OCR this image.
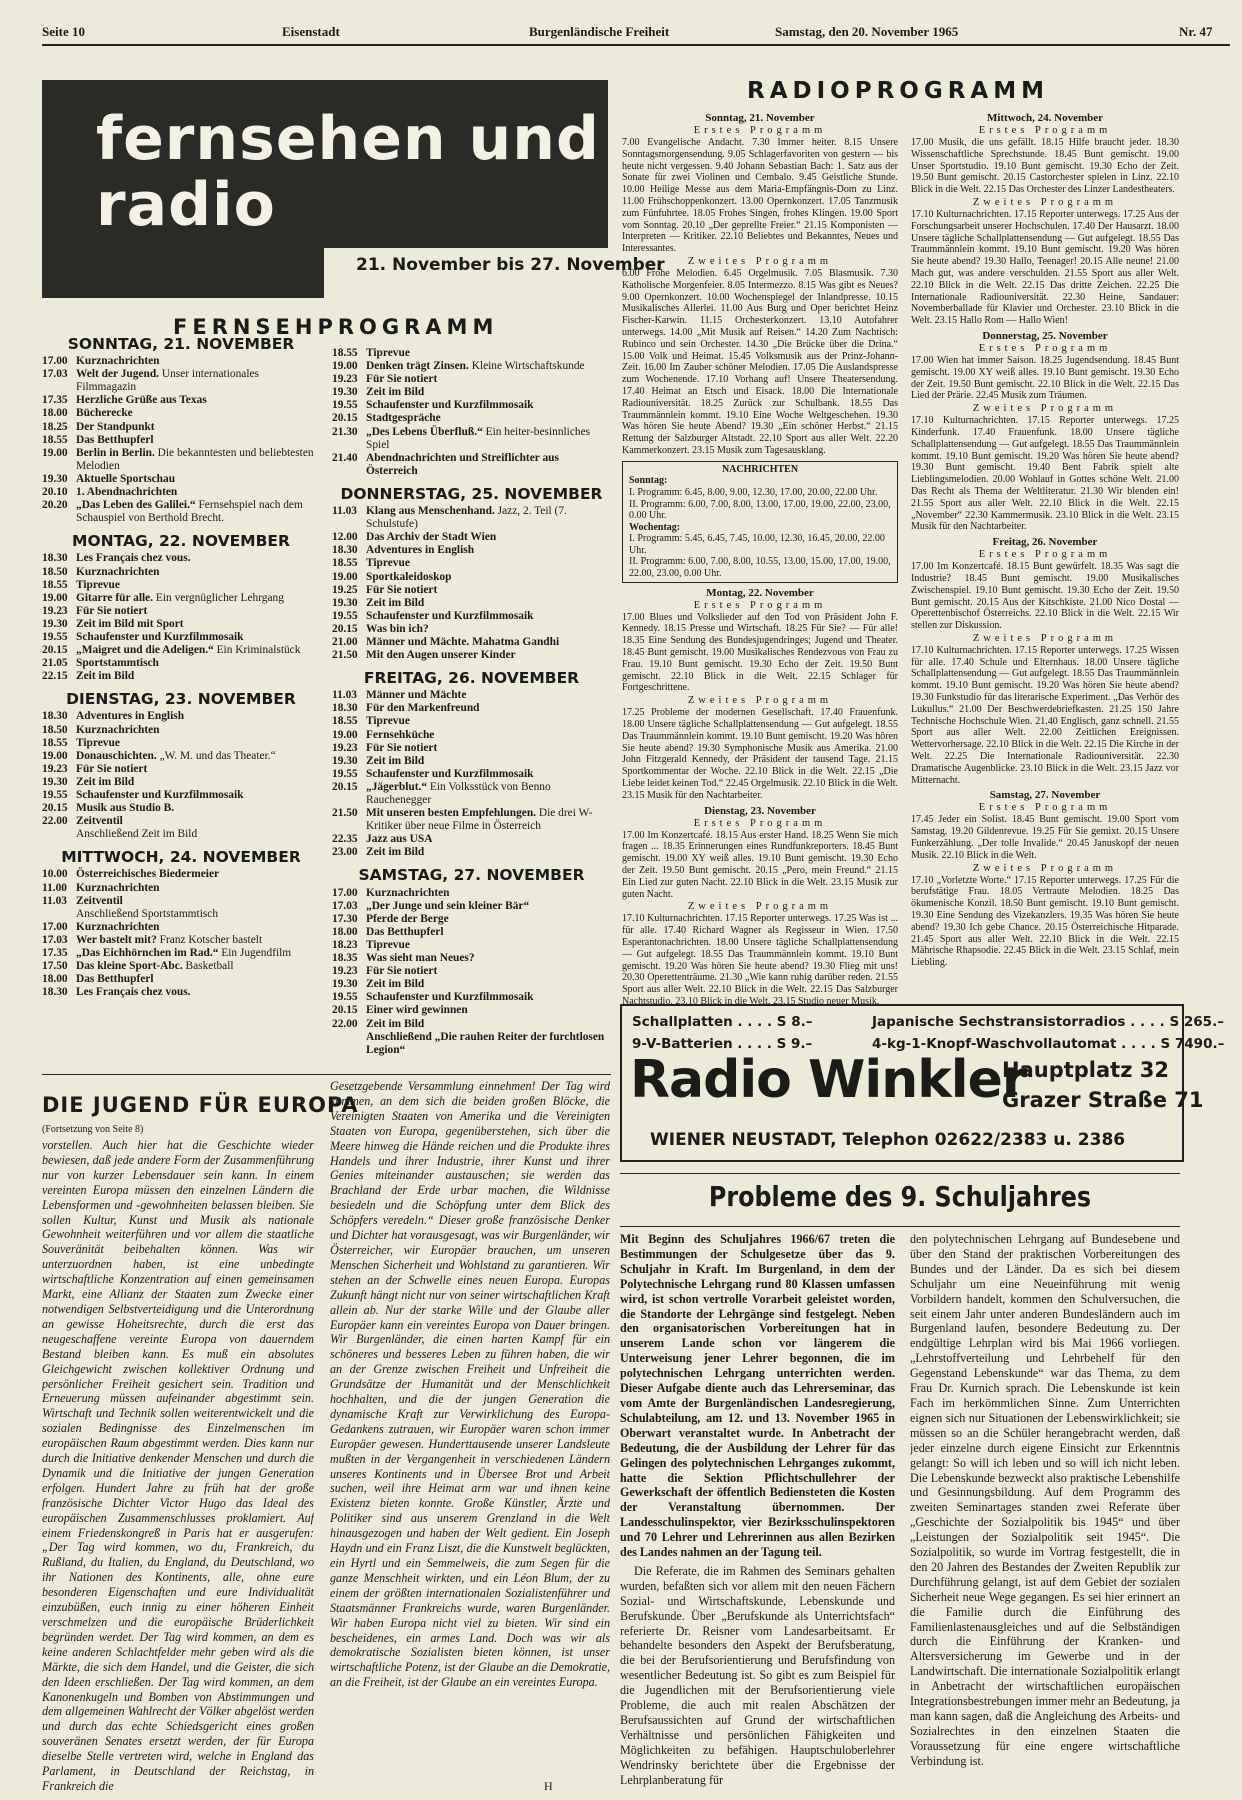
Seite 10	Eisenstadt	Burgenländische Freiheit	Samstag, den 20. November 1965	Nr. 47
fernsehen und
radio
21. November bis 27. November
FERNSEHPROGRAMM
SONNTAG, 21. NOVEMBER
17.00 Kurznachrichten
17.03 Welt der Jugend. Unser internationales Filmmagazin
17.35 Herzliche Grüße aus Texas
18.00 Bücherecke
18.25 Der Standpunkt
18.55 Das Betthupferl
19.00 Berlin in Berlin. Die bekanntesten und beliebtesten Melodien
19.30 Aktuelle Sportschau
20.10 1. Abendnachrichten
20.20 „Das Leben des Galilei.“ Fernsehspiel nach dem Schauspiel von Berthold Brecht.
MONTAG, 22. NOVEMBER
18.30 Les Français chez vous.
18.50 Kurznachrichten
18.55 Tiprevue
19.00 Gitarre für alle. Ein vergnüglicher Lehrgang
19.23 Für Sie notiert
19.30 Zeit im Bild mit Sport
19.55 Schaufenster und Kurzfilmmosaik
20.15 „Maigret und die Adeligen.“ Ein Kriminalstück
21.05 Sportstammtisch
22.15 Zeit im Bild
DIENSTAG, 23. NOVEMBER
18.30 Adventures in English
18.50 Kurznachrichten
18.55 Tiprevue
19.00 Donauschichten. „W. M. und das Theater.“
19.23 Für Sie notiert
19.30 Zeit im Bild
19.55 Schaufenster und Kurzfilmmosaik
20.15 Musik aus Studio B.
22.00 Zeitventil
Anschließend Zeit im Bild
MITTWOCH, 24. NOVEMBER
10.00 Österreichisches Biedermeier
11.00 Kurznachrichten
11.03 Zeitventil
Anschließend Sportstammtisch
17.00 Kurznachrichten
17.03 Wer bastelt mit? Franz Kotscher bastelt
17.35 „Das Eichhörnchen im Rad.“ Ein Jugendfilm
17.50 Das kleine Sport-Abc. Basketball
18.00 Das Betthupferl
18.30 Les Français chez vous.
18.55 Tiprevue
19.00 Denken trägt Zinsen. Kleine Wirtschaftskunde
19.23 Für Sie notiert
19.30 Zeit im Bild
19.55 Schaufenster und Kurzfilmmosaik
20.15 Stadtgespräche
21.30 „Des Lebens Überfluß.“ Ein heiter-besinnliches Spiel
21.40 Abendnachrichten und Streiflichter aus Österreich
DONNERSTAG, 25. NOVEMBER
11.03 Klang aus Menschenhand. Jazz, 2. Teil (7. Schulstufe)
12.00 Das Archiv der Stadt Wien
18.30 Adventures in English
18.55 Tiprevue
19.00 Sportkaleidoskop
19.25 Für Sie notiert
19.30 Zeit im Bild
19.55 Schaufenster und Kurzfilmmosaik
20.15 Was bin ich?
21.00 Männer und Mächte. Mahatma Gandhi
21.50 Mit den Augen unserer Kinder
FREITAG, 26. NOVEMBER
11.03 Männer und Mächte
18.30 Für den Markenfreund
18.55 Tiprevue
19.00 Fernsehküche
19.23 Für Sie notiert
19.30 Zeit im Bild
19.55 Schaufenster und Kurzfilmmosaik
20.15 „Jägerblut.“ Ein Volksstück von Benno Rauchenegger
21.50 Mit unseren besten Empfehlungen. Die drei W-Kritiker über neue Filme in Österreich
22.35 Jazz aus USA
23.00 Zeit im Bild
SAMSTAG, 27. NOVEMBER
17.00 Kurznachrichten
17.03 „Der Junge und sein kleiner Bär“
17.30 Pferde der Berge
18.00 Das Betthupferl
18.23 Tiprevue
18.35 Was sieht man Neues?
19.23 Für Sie notiert
19.30 Zeit im Bild
19.55 Schaufenster und Kurzfilmmosaik
20.15 Einer wird gewinnen
22.00 Zeit im Bild
Anschließend „Die rauhen Reiter der furchtlosen Legion“
RADIOPROGRAMM
Sonntag, 21. November
Erstes Programm
7.00 Evangelische Andacht. 7.30 Immer heiter. 8.15 Unsere Sonntagsmorgensendung. 9.05 Schlagerfavoriten von gestern — bis heute nicht vergessen. 9.40 Johann Sebastian Bach: 1. Satz aus der Sonate für zwei Violinen und Cembalo. 9.45 Geistliche Stunde. 10.00 Heilige Messe aus dem Maria-Empfängnis-Dom zu Linz. 11.00 Frühschoppenkonzert. 13.00 Opernkonzert. 17.05 Tanzmusik zum Fünfuhrtee. 18.05 Frohes Singen, frohes Klingen. 19.00 Sport vom Sonntag. 20.10 „Der geprellte Freier.“ 21.15 Komponisten — Interpreten — Kritiker. 22.10 Beliebtes und Bekanntes, Neues und Interessantes.
Zweites Programm
6.00 Frohe Melodien. 6.45 Orgelmusik. 7.05 Blasmusik. 7.30 Katholische Morgenfeier. 8.05 Intermezzo. 8.15 Was gibt es Neues? 9.00 Opernkonzert. 10.00 Wochenspiegel der Inlandpresse. 10.15 Musikalisches Allerlei. 11.00 Aus Burg und Oper berichtet Heinz Fischer-Karwin. 11.15 Orchesterkonzert. 13.10 Autofahrer unterwegs. 14.00 „Mit Musik auf Reisen.“ 14.20 Zum Nachtisch: Rubinco und sein Orchester. 14.30 „Die Brücke über die Drina.“ 15.00 Volk und Heimat. 15.45 Volksmusik aus der Prinz-Johann-Zeit. 16.00 Im Zauber schöner Melodien. 17.05 Die Auslandspresse zum Wochenende. 17.10 Vorhang auf! Unsere Theatersendung. 17.40 Heimat an Etsch und Eisack. 18.00 Die Internationale Radiouniversität. 18.25 Zurück zur Schulbank. 18.55 Das Traummännlein kommt. 19.10 Eine Woche Weltgeschehen. 19.30 Was hören Sie heute Abend? 19.30 „Ein schöner Herbst.“ 21.15 Rettung der Salzburger Altstadt. 22.10 Sport aus aller Welt. 22.20 Kammerkonzert. 23.15 Musik zum Tagesausklang.
NACHRICHTEN
Sonntag:
I. Programm: 6.45, 8.00, 9.00, 12.30, 17.00, 20.00, 22.00 Uhr.
II. Programm: 6.00, 7.00, 8.00, 13.00, 17.00, 19.00, 22.00, 23.00, 0.00 Uhr.
Wochentag:
I. Programm: 5.45, 6.45, 7.45, 10.00, 12.30, 16.45, 20.00, 22.00 Uhr.
II. Programm: 6.00, 7.00, 8.00, 10.55, 13.00, 15.00, 17.00, 19.00, 22.00, 23.00, 0.00 Uhr.
Montag, 22. November
Erstes Programm
17.00 Blues und Volkslieder auf den Tod von Präsident John F. Kennedy. 18.15 Presse und Wirtschaft. 18.25 Für Sie? — Für alle! 18.35 Eine Sendung des Bundesjugendringes; Jugend und Theater. 18.45 Bunt gemischt. 19.00 Musikalisches Rendezvous von Frau zu Frau. 19.10 Bunt gemischt. 19.30 Echo der Zeit. 19.50 Bunt gemischt. 22.10 Blick in die Welt. 22.15 Schlager für Fortgeschrittene.
Zweites Programm
17.25 Probleme der modernen Gesellschaft. 17.40 Frauenfunk. 18.00 Unsere tägliche Schallplattensendung — Gut aufgelegt. 18.55 Das Traummännlein kommt. 19.10 Bunt gemischt. 19.20 Was hören Sie heute abend? 19.30 Symphonische Musik aus Amerika. 21.00 John Fitzgerald Kennedy, der Präsident der tausend Tage. 21.15 Sportkommentar der Woche. 22.10 Blick in die Welt. 22.15 „Die Liebe leidet keinen Tod.“ 22.45 Orgelmusik. 22.10 Blick in die Welt. 23.15 Musik für den Nachtarbeiter.
Dienstag, 23. November
Erstes Programm
17.00 Im Konzertcafé. 18.15 Aus erster Hand. 18.25 Wenn Sie mich fragen ... 18.35 Erinnerungen eines Rundfunkreporters. 18.45 Bunt gemischt. 19.00 XY weiß alles. 19.10 Bunt gemischt. 19.30 Echo der Zeit. 19.50 Bunt gemischt. 20.15 „Pero, mein Freund.“ 21.15 Ein Lied zur guten Nacht. 22.10 Blick in die Welt. 23.15 Musik zur guten Nacht.
Zweites Programm
17.10 Kulturnachrichten. 17.15 Reporter unterwegs. 17.25 Was ist ... für alle. 17.40 Richard Wagner als Regisseur in Wien. 17.50 Esperantonachrichten. 18.00 Unsere tägliche Schallplattensendung — Gut aufgelegt. 18.55 Das Traummännlein kommt. 19.10 Bunt gemischt. 19.20 Was hören Sie heute abend? 19.30 Flieg mit uns! 20.30 Operettenträume. 21.30 „Wie kann ruhig darüber reden. 21.55 Sport aus aller Welt. 22.10 Blick in die Welt. 22.15 Das Salzburger Nachtstudio. 23.10 Blick in die Welt. 23.15 Studio neuer Musik.
Mittwoch, 24. November
Erstes Programm
17.00 Musik, die uns gefällt. 18.15 Hilfe braucht jeder. 18.30 Wissenschaftliche Sprechstunde. 18.45 Bunt gemischt. 19.00 Unser Sportstudio. 19.10 Bunt gemischt. 19.30 Echo der Zeit. 19.50 Bunt gemischt. 20.15 Castorchester spielen in Linz. 22.10 Blick in die Welt. 22.15 Das Orchester des Linzer Landestheaters.
Zweites Programm
17.10 Kulturnachrichten. 17.15 Reporter unterwegs. 17.25 Aus der Forschungsarbeit unserer Hochschulen. 17.40 Der Hausarzt. 18.00 Unsere tägliche Schallplattensendung — Gut aufgelegt. 18.55 Das Traummännlein kommt. 19.10 Bunt gemischt. 19.20 Was hören Sie heute abend? 19.30 Hallo, Teenager! 20.15 Alle neune! 21.00 Mach gut, was andere verschulden. 21.55 Sport aus aller Welt. 22.10 Blick in die Welt. 22.15 Das dritte Zeichen. 22.25 Die Internationale Radiouniversität. 22.30 Heine, Sandauer: Novemberballade für Klavier und Orchester. 23.10 Blick in die Welt. 23.15 Hallo Rom — Hallo Wien!
Donnerstag, 25. November
Erstes Programm
17.00 Wien hat immer Saison. 18.25 Jugendsendung. 18.45 Bunt gemischt. 19.00 XY weiß alles. 19.10 Bunt gemischt. 19.30 Echo der Zeit. 19.50 Bunt gemischt. 22.10 Blick in die Welt. 22.15 Das Lied der Prärie. 22.45 Musik zum Träumen.
Zweites Programm
17.10 Kulturnachrichten. 17.15 Reporter unterwegs. 17.25 Kinderfunk. 17.40 Frauenfunk. 18.00 Unsere tägliche Schallplattensendung — Gut aufgelegt. 18.55 Das Traummännlein kommt. 19.10 Bunt gemischt. 19.20 Was hören Sie heute abend? 19.30 Bunt gemischt. 19.40 Bent Fabrik spielt alte Lieblingsmelodien. 20.00 Wohlauf in Gottes schöne Welt. 21.00 Das Recht als Thema der Weltliteratur. 21.30 Wir blenden ein! 21.55 Sport aus aller Welt. 22.10 Blick in die Welt. 22.15 „November“ 22.30 Kammermusik. 23.10 Blick in die Welt. 23.15 Musik für den Nachtarbeiter.
Freitag, 26. November
Erstes Programm
17.00 Im Konzertcafé. 18.15 Bunt gewürfelt. 18.35 Was sagt die Industrie? 18.45 Bunt gemischt. 19.00 Musikalisches Zwischenspiel. 19.10 Bunt gemischt. 19.30 Echo der Zeit. 19.50 Bunt gemischt. 20.15 Aus der Kitschkiste. 21.00 Nico Dostal — Operettenbischof Österreichs. 22.10 Blick in die Welt. 22.15 Wir stellen zur Diskussion.
Zweites Programm
17.10 Kulturnachrichten. 17.15 Reporter unterwegs. 17.25 Wissen für alle. 17.40 Schule und Elternhaus. 18.00 Unsere tägliche Schallplattensendung — Gut aufgelegt. 18.55 Das Traummännlein kommt. 19.10 Bunt gemischt. 19.20 Was hören Sie heute abend? 19.30 Funkstudio für das literarische Experiment. „Das Verhör des Lukullus.“ 21.00 Der Beschwerdebriefkasten. 21.25 150 Jahre Technische Hochschule Wien. 21.40 Englisch, ganz schnell. 21.55 Sport aus aller Welt. 22.00 Zeitlichen Ereignissen. Wettervorhersage. 22.10 Blick in die Welt. 22.15 Die Kirche in der Welt. 22.25 Die Internationale Radiouniversität. 22.30 Dramatische Augenblicke. 23.10 Blick in die Welt. 23.15 Jazz vor Mitternacht.
Samstag, 27. November
Erstes Programm
17.45 Jeder ein Solist. 18.45 Bunt gemischt. 19.00 Sport vom Samstag. 19.20 Gildenrevue. 19.25 Für Sie gemixt. 20.15 Unsere Funkerzählung. „Der tolle Invalide.“ 20.45 Januskopf der neuen Musik. 22.10 Blick in die Welt.
Zweites Programm
17.10 „Vorletzte Worte.“ 17.15 Reporter unterwegs. 17.25 Für die berufstätige Frau. 18.05 Vertraute Melodien. 18.25 Das ökumenische Konzil. 18.50 Bunt gemischt. 19.10 Bunt gemischt. 19.30 Eine Sendung des Vizekanzlers. 19.35 Was hören Sie heute abend? 19.30 Ich gebe Chance. 20.15 Österreichische Hitparade. 21.45 Sport aus aller Welt. 22.10 Blick in die Welt. 22.15 Mährische Rhapsodie. 22.45 Blick in die Welt. 23.15 Schlaf, mein Liebling.
Schallplatten . . . . S 8.–	Japanische Sechstransistorradios . . . . S 265.–
9-V-Batterien . . . . S 9.–	4-kg-1-Knopf-Waschvollautomat . . . . S 7490.–
Radio Winkler
Hauptplatz 32
Grazer Straße 71
WIENER NEUSTADT, Telephon 02622/2383 u. 2386
DIE JUGEND FÜR EUROPA
(Fortsetzung von Seite 8)
vorstellen. Auch hier hat die Geschichte wieder bewiesen, daß jede andere Form der Zusammenführung nur von kurzer Lebensdauer sein kann. In einem vereinten Europa müssen den einzelnen Ländern die Lebensformen und -gewohnheiten belassen bleiben. Sie sollen Kultur, Kunst und Musik als nationale Gewohnheit weiterführen und vor allem die staatliche Souveränität beibehalten können. Was wir unterzuordnen haben, ist eine unbedingte wirtschaftliche Konzentration auf einen gemeinsamen Markt, eine Allianz der Staaten zum Zwecke einer notwendigen Selbstverteidigung und die Unterordnung an gewisse Hoheitsrechte, durch die erst das neugeschaffene vereinte Europa von dauerndem Bestand bleiben kann. Es muß ein absolutes Gleichgewicht zwischen kollektiver Ordnung und persönlicher Freiheit gesichert sein. Tradition und Erneuerung müssen aufeinander abgestimmt sein. Wirtschaft und Technik sollen weiterentwickelt und die sozialen Bedingnisse des Einzelmenschen im europäischen Raum abgestimmt werden. Dies kann nur durch die Initiative denkender Menschen und durch die Dynamik und die Initiative der jungen Generation erfolgen. Hundert Jahre zu früh hat der große französische Dichter Victor Hugo das Ideal des europäischen Zusammenschlusses proklamiert. Auf einem Friedenskongreß in Paris hat er ausgerufen: „Der Tag wird kommen, wo du, Frankreich, du Rußland, du Italien, du England, du Deutschland, wo ihr Nationen des Kontinents, alle, ohne eure besonderen Eigenschaften und eure Individualität einzubüßen, euch innig zu einer höheren Einheit verschmelzen und die europäische Brüderlichkeit begründen werdet. Der Tag wird kommen, an dem es keine anderen Schlachtfelder mehr geben wird als die Märkte, die sich dem Handel, und die Geister, die sich den Ideen erschließen. Der Tag wird kommen, an dem Kanonenkugeln und Bomben von Abstimmungen und dem allgemeinen Wahlrecht der Völker abgelöst werden und durch das echte Schiedsgericht eines großen souveränen Senates ersetzt werden, der für Europa dieselbe Stelle vertreten wird, welche in England das Parlament, in Deutschland der Reichstag, in Frankreich die
Gesetzgebende Versammlung einnehmen! Der Tag wird kommen, an dem sich die beiden großen Blöcke, die Vereinigten Staaten von Amerika und die Vereinigten Staaten von Europa, gegenüberstehen, sich über die Meere hinweg die Hände reichen und die Produkte ihres Handels und ihrer Industrie, ihrer Kunst und ihrer Genies miteinander austauschen; sie werden das Brachland der Erde urbar machen, die Wildnisse besiedeln und die Schöpfung unter dem Blick des Schöpfers veredeln.“ Dieser große französische Denker und Dichter hat vorausgesagt, was wir Burgenländer, wir Österreicher, wir Europäer brauchen, um unseren Menschen Sicherheit und Wohlstand zu garantieren. Wir stehen an der Schwelle eines neuen Europa. Europas Zukunft hängt nicht nur von seiner wirtschaftlichen Kraft allein ab. Nur der starke Wille und der Glaube aller Europäer kann ein vereintes Europa von Dauer bringen. Wir Burgenländer, die einen harten Kampf für ein schöneres und besseres Leben zu führen haben, die wir an der Grenze zwischen Freiheit und Unfreiheit die Grundsätze der Humanität und der Menschlichkeit hochhalten, und die der jungen Generation die dynamische Kraft zur Verwirklichung des Europa-Gedankens zutrauen, wir Europäer waren schon immer Europäer gewesen. Hunderttausende unserer Landsleute mußten in der Vergangenheit in verschiedenen Ländern unseres Kontinents und in Übersee Brot und Arbeit suchen, weil ihre Heimat arm war und ihnen keine Existenz bieten konnte. Große Künstler, Ärzte und Politiker sind aus unserem Grenzland in die Welt hinausgezogen und haben der Welt gedient. Ein Joseph Haydn und ein Franz Liszt, die die Kunstwelt beglückten, ein Hyrtl und ein Semmelweis, die zum Segen für die ganze Menschheit wirkten, und ein Léon Blum, der zu einem der größten internationalen Sozialistenführer und Staatsmänner Frankreichs wurde, waren Burgenländer. Wir haben Europa nicht viel zu bieten. Wir sind ein bescheidenes, ein armes Land. Doch was wir als demokratische Sozialisten bieten können, ist unser wirtschaftliche Potenz, ist der Glaube an die Demokratie, an die Freiheit, ist der Glaube an ein vereintes Europa.
H
Probleme des 9. Schuljahres
Mit Beginn des Schuljahres 1966/67 treten die Bestimmungen der Schulgesetze über das 9. Schuljahr in Kraft. Im Burgenland, in dem der Polytechnische Lehrgang rund 80 Klassen umfassen wird, ist schon vertrolle Vorarbeit geleistet worden, die Standorte der Lehrgänge sind festgelegt. Neben den organisatorischen Vorbereitungen hat in unserem Lande schon vor längerem die Unterweisung jener Lehrer begonnen, die im polytechnischen Lehrgang unterrichten werden. Dieser Aufgabe diente auch das Lehrerseminar, das vom Amte der Burgenländischen Landesregierung, Schulabteilung, am 12. und 13. November 1965 in Oberwart veranstaltet wurde. In Anbetracht der Bedeutung, die der Ausbildung der Lehrer für das Gelingen des polytechnischen Lehrganges zukommt, hatte die Sektion Pflichtschullehrer der Gewerkschaft der öffentlich Bediensteten die Kosten der Veranstaltung übernommen. Der Landesschulinspektor, vier Bezirksschulinspektoren und 70 Lehrer und Lehrerinnen aus allen Bezirken des Landes nahmen an der Tagung teil.
Die Referate, die im Rahmen des Seminars gehalten wurden, befaßten sich vor allem mit den neuen Fächern Sozial- und Wirtschaftskunde, Lebenskunde und Berufskunde. Über „Berufskunde als Unterrichtsfach“ referierte Dr. Reisner vom Landesarbeitsamt. Er behandelte besonders den Aspekt der Berufsberatung, die bei der Berufsorientierung und Berufsfindung von wesentlicher Bedeutung ist. So gibt es zum Beispiel für die Jugendlichen mit der Berufsorientierung viele Probleme, die auch mit realen Abschätzen der Berufsaussichten auf Grund der wirtschaftlichen Verhältnisse und persönlichen Fähigkeiten und Möglichkeiten zu befähigen. Hauptschuloberlehrer Wendrinsky berichtete über die Ergebnisse der Lehrplanberatung für
den polytechnischen Lehrgang auf Bundesebene und über den Stand der praktischen Vorbereitungen des Bundes und der Länder. Da es sich bei diesem Schuljahr um eine Neueinführung mit wenig Vorbildern handelt, kommen den Schulversuchen, die seit einem Jahr unter anderen Bundesländern auch im Burgenland laufen, besondere Bedeutung zu. Der endgültige Lehrplan wird bis Mai 1966 vorliegen. „Lehrstoffverteilung und Lehrbehelf für den Gegenstand Lebenskunde“ war das Thema, zu dem Frau Dr. Kurnich sprach. Die Lebenskunde ist kein Fach im herkömmlichen Sinne. Zum Unterrichten eignen sich nur Situationen der Lebenswirklichkeit; sie müssen so an die Schüler herangebracht werden, daß jeder einzelne durch eigene Einsicht zur Erkenntnis gelangt: So will ich leben und so will ich nicht leben. Die Lebenskunde bezweckt also praktische Lebenshilfe und Gesinnungsbildung. Auf dem Programm des zweiten Seminartages standen zwei Referate über „Geschichte der Sozialpolitik bis 1945“ und über „Leistungen der Sozialpolitik seit 1945“. Die Sozialpolitik, so wurde im Vortrag festgestellt, die in den 20 Jahren des Bestandes der Zweiten Republik zur Durchführung gelangt, ist auf dem Gebiet der sozialen Sicherheit neue Wege gegangen. Es sei hier erinnert an die Familie durch die Einführung des Familienlastenausgleiches und auf die Selbständigen durch die Einführung der Kranken- und Altersversicherung im Gewerbe und in der Landwirtschaft. Die internationale Sozialpolitik erlangt in Anbetracht der wirtschaftlichen europäischen Integrationsbestrebungen immer mehr an Bedeutung, ja man kann sagen, daß die Angleichung des Arbeits- und Sozialrechtes in den einzelnen Staaten die Voraussetzung für eine engere wirtschaftliche Verbindung ist.
